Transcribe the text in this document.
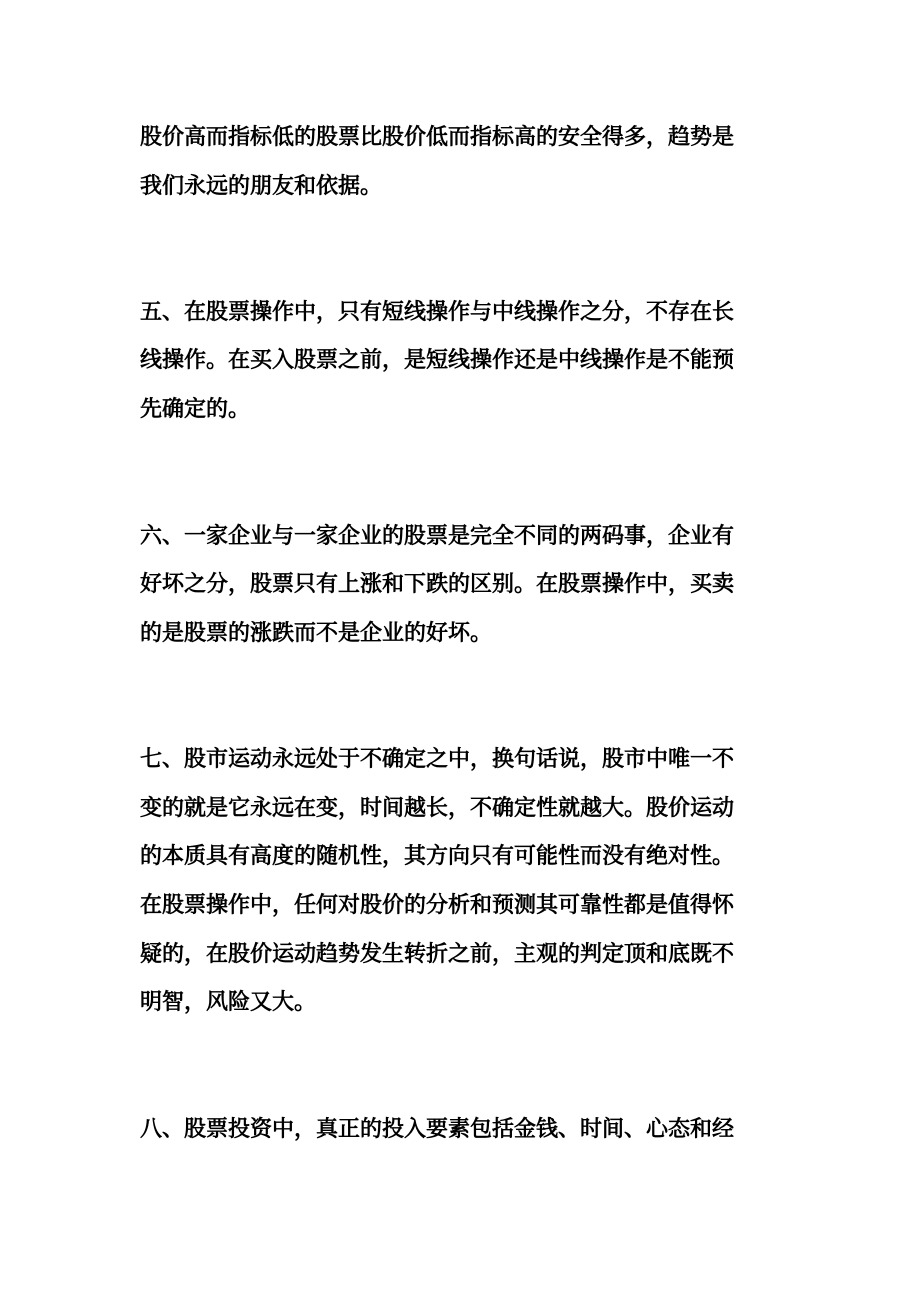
股价高而指标低的股票比股价低而指标高的安全得多，趋势是
我们永远的朋友和依据。
五、在股票操作中，只有短线操作与中线操作之分，不存在长
线操作。在买入股票之前，是短线操作还是中线操作是不能预
先确定的。
六、一家企业与一家企业的股票是完全不同的两码事，企业有
好坏之分，股票只有上涨和下跌的区别。在股票操作中，买卖
的是股票的涨跌而不是企业的好坏。
七、股市运动永远处于不确定之中，换句话说，股市中唯一不
变的就是它永远在变，时间越长，不确定性就越大。股价运动
的本质具有高度的随机性，其方向只有可能性而没有绝对性。
在股票操作中，任何对股价的分析和预测其可靠性都是值得怀
疑的，在股价运动趋势发生转折之前，主观的判定顶和底既不
明智，风险又大。
八、股票投资中，真正的投入要素包括金钱、时间、心态和经
